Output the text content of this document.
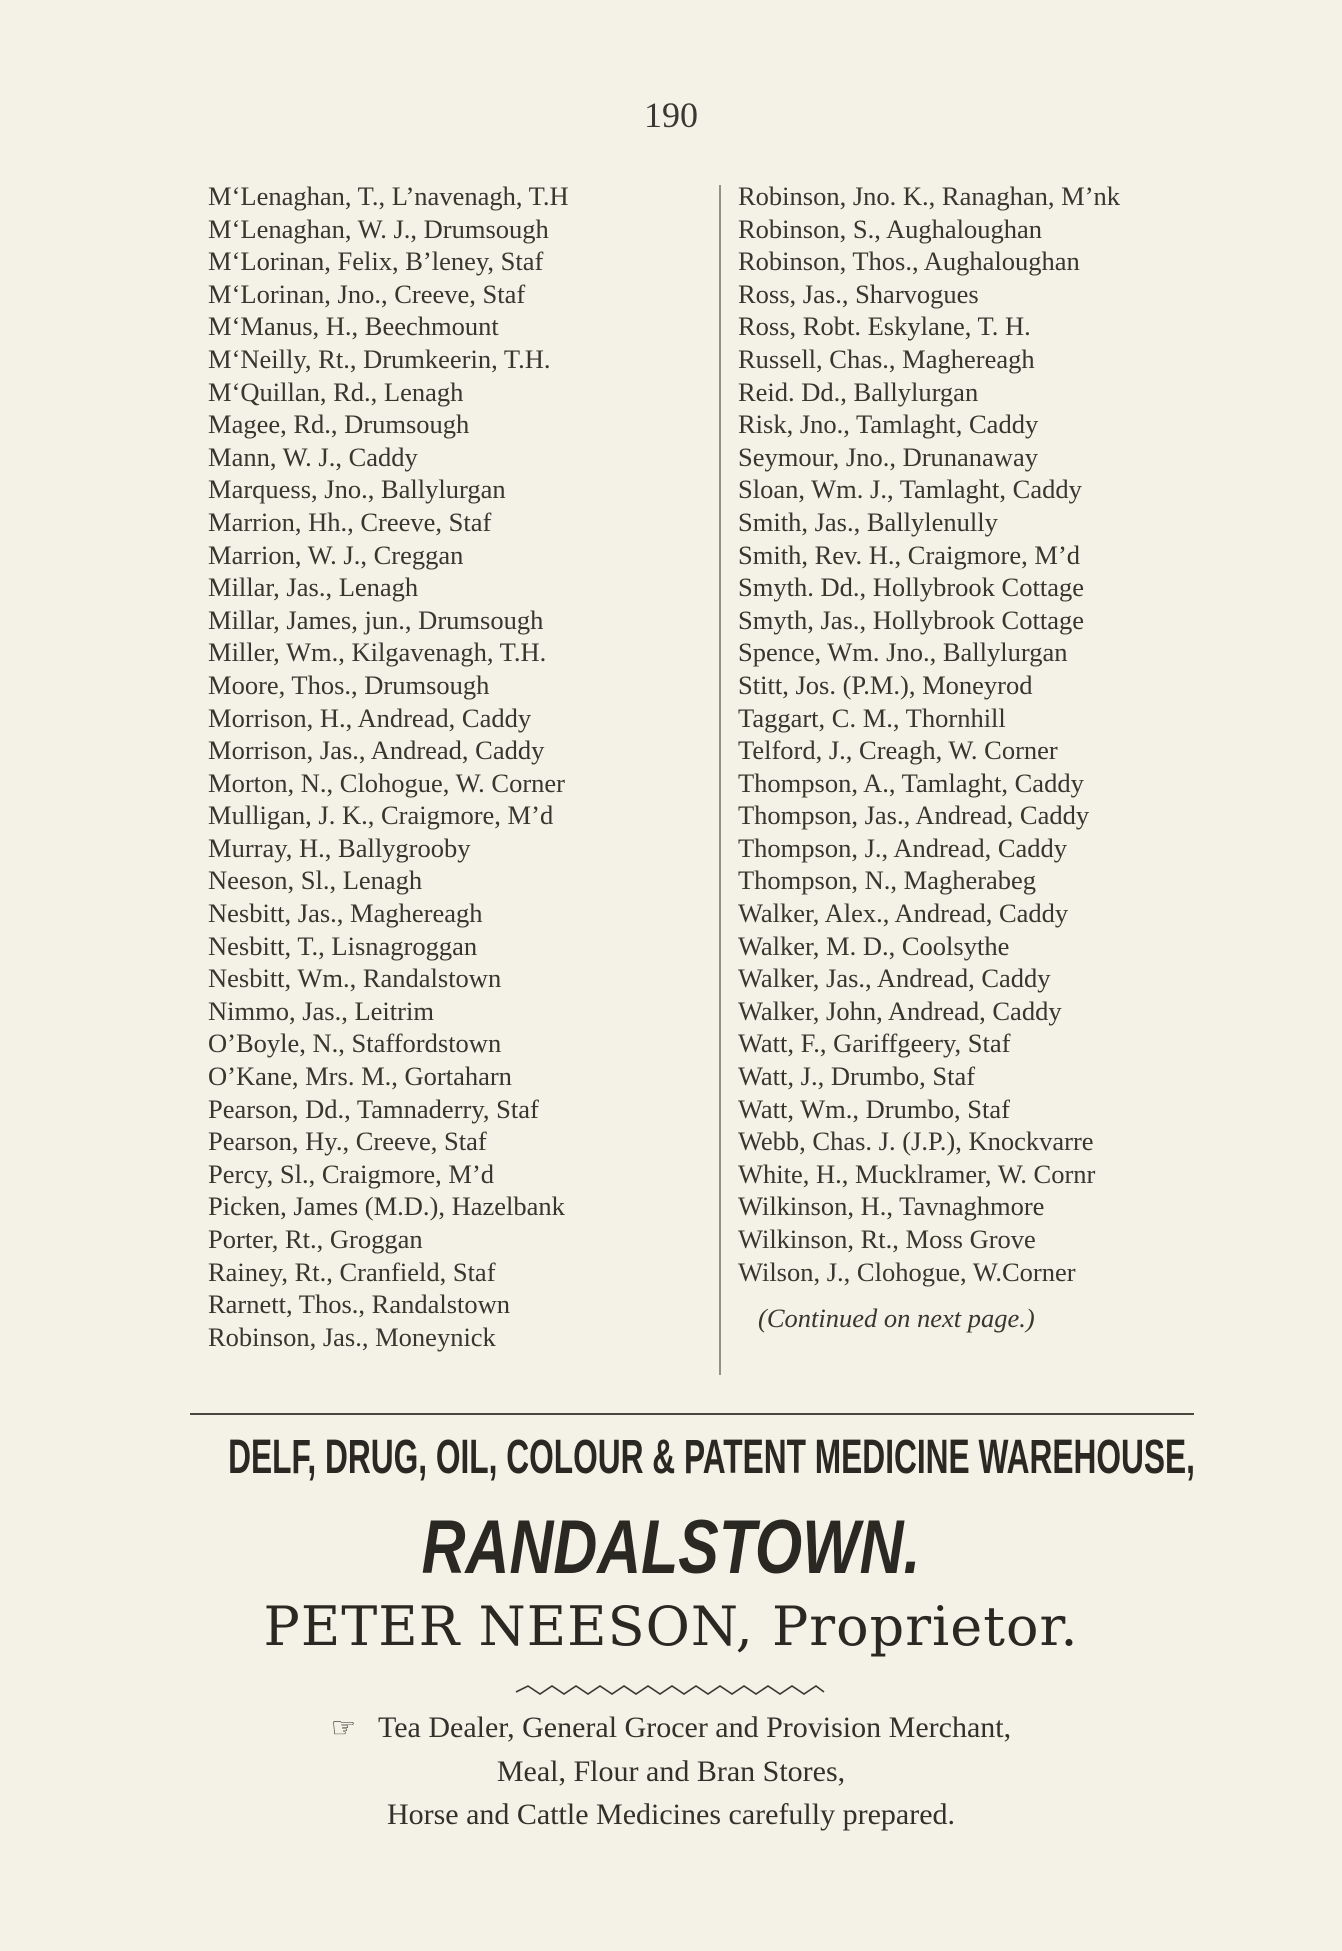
190
M‘Lenaghan, T., L’navenagh, T.H
M‘Lenaghan, W. J., Drumsough
M‘Lorinan, Felix, B’leney, Staf
M‘Lorinan, Jno., Creeve, Staf
M‘Manus, H., Beechmount
M‘Neilly, Rt., Drumkeerin, T.H.
M‘Quillan, Rd., Lenagh
Magee, Rd., Drumsough
Mann, W. J., Caddy
Marquess, Jno., Ballylurgan
Marrion, Hh., Creeve, Staf
Marrion, W. J., Creggan
Millar, Jas., Lenagh
Millar, James, jun., Drumsough
Miller, Wm., Kilgavenagh, T.H.
Moore, Thos., Drumsough
Morrison, H., Andread, Caddy
Morrison, Jas., Andread, Caddy
Morton, N., Clohogue, W. Corner
Mulligan, J. K., Craigmore, M’d
Murray, H., Ballygrooby
Neeson, Sl., Lenagh
Nesbitt, Jas., Maghereagh
Nesbitt, T., Lisnagroggan
Nesbitt, Wm., Randalstown
Nimmo, Jas., Leitrim
O’Boyle, N., Staffordstown
O’Kane, Mrs. M., Gortaharn
Pearson, Dd., Tamnaderry, Staf
Pearson, Hy., Creeve, Staf
Percy, Sl., Craigmore, M’d
Picken, James (M.D.), Hazelbank
Porter, Rt., Groggan
Rainey, Rt., Cranfield, Staf
Rarnett, Thos., Randalstown
Robinson, Jas., Moneynick
Robinson, Jno. K., Ranaghan, M’nk
Robinson, S., Aughaloughan
Robinson, Thos., Aughaloughan
Ross, Jas., Sharvogues
Ross, Robt. Eskylane, T. H.
Russell, Chas., Maghereagh
Reid. Dd., Ballylurgan
Risk, Jno., Tamlaght, Caddy
Seymour, Jno., Drunanaway
Sloan, Wm. J., Tamlaght, Caddy
Smith, Jas., Ballylenully
Smith, Rev. H., Craigmore, M’d
Smyth. Dd., Hollybrook Cottage
Smyth, Jas., Hollybrook Cottage
Spence, Wm. Jno., Ballylurgan
Stitt, Jos. (P.M.), Moneyrod
Taggart, C. M., Thornhill
Telford, J., Creagh, W. Corner
Thompson, A., Tamlaght, Caddy
Thompson, Jas., Andread, Caddy
Thompson, J., Andread, Caddy
Thompson, N., Magherabeg
Walker, Alex., Andread, Caddy
Walker, M. D., Coolsythe
Walker, Jas., Andread, Caddy
Walker, John, Andread, Caddy
Watt, F., Gariffgeery, Staf
Watt, J., Drumbo, Staf
Watt, Wm., Drumbo, Staf
Webb, Chas. J. (J.P.), Knockvarre
White, H., Mucklramer, W. Cornr
Wilkinson, H., Tavnaghmore
Wilkinson, Rt., Moss Grove
Wilson, J., Clohogue, W.Corner
(Continued on next page.)
DELF, DRUG, OIL, COLOUR & PATENT MEDICINE WAREHOUSE,
RANDALSTOWN.
PETER NEESON, Proprietor.
☞ Tea Dealer, General Grocer and Provision Merchant,
Meal, Flour and Bran Stores,
Horse and Cattle Medicines carefully prepared.
